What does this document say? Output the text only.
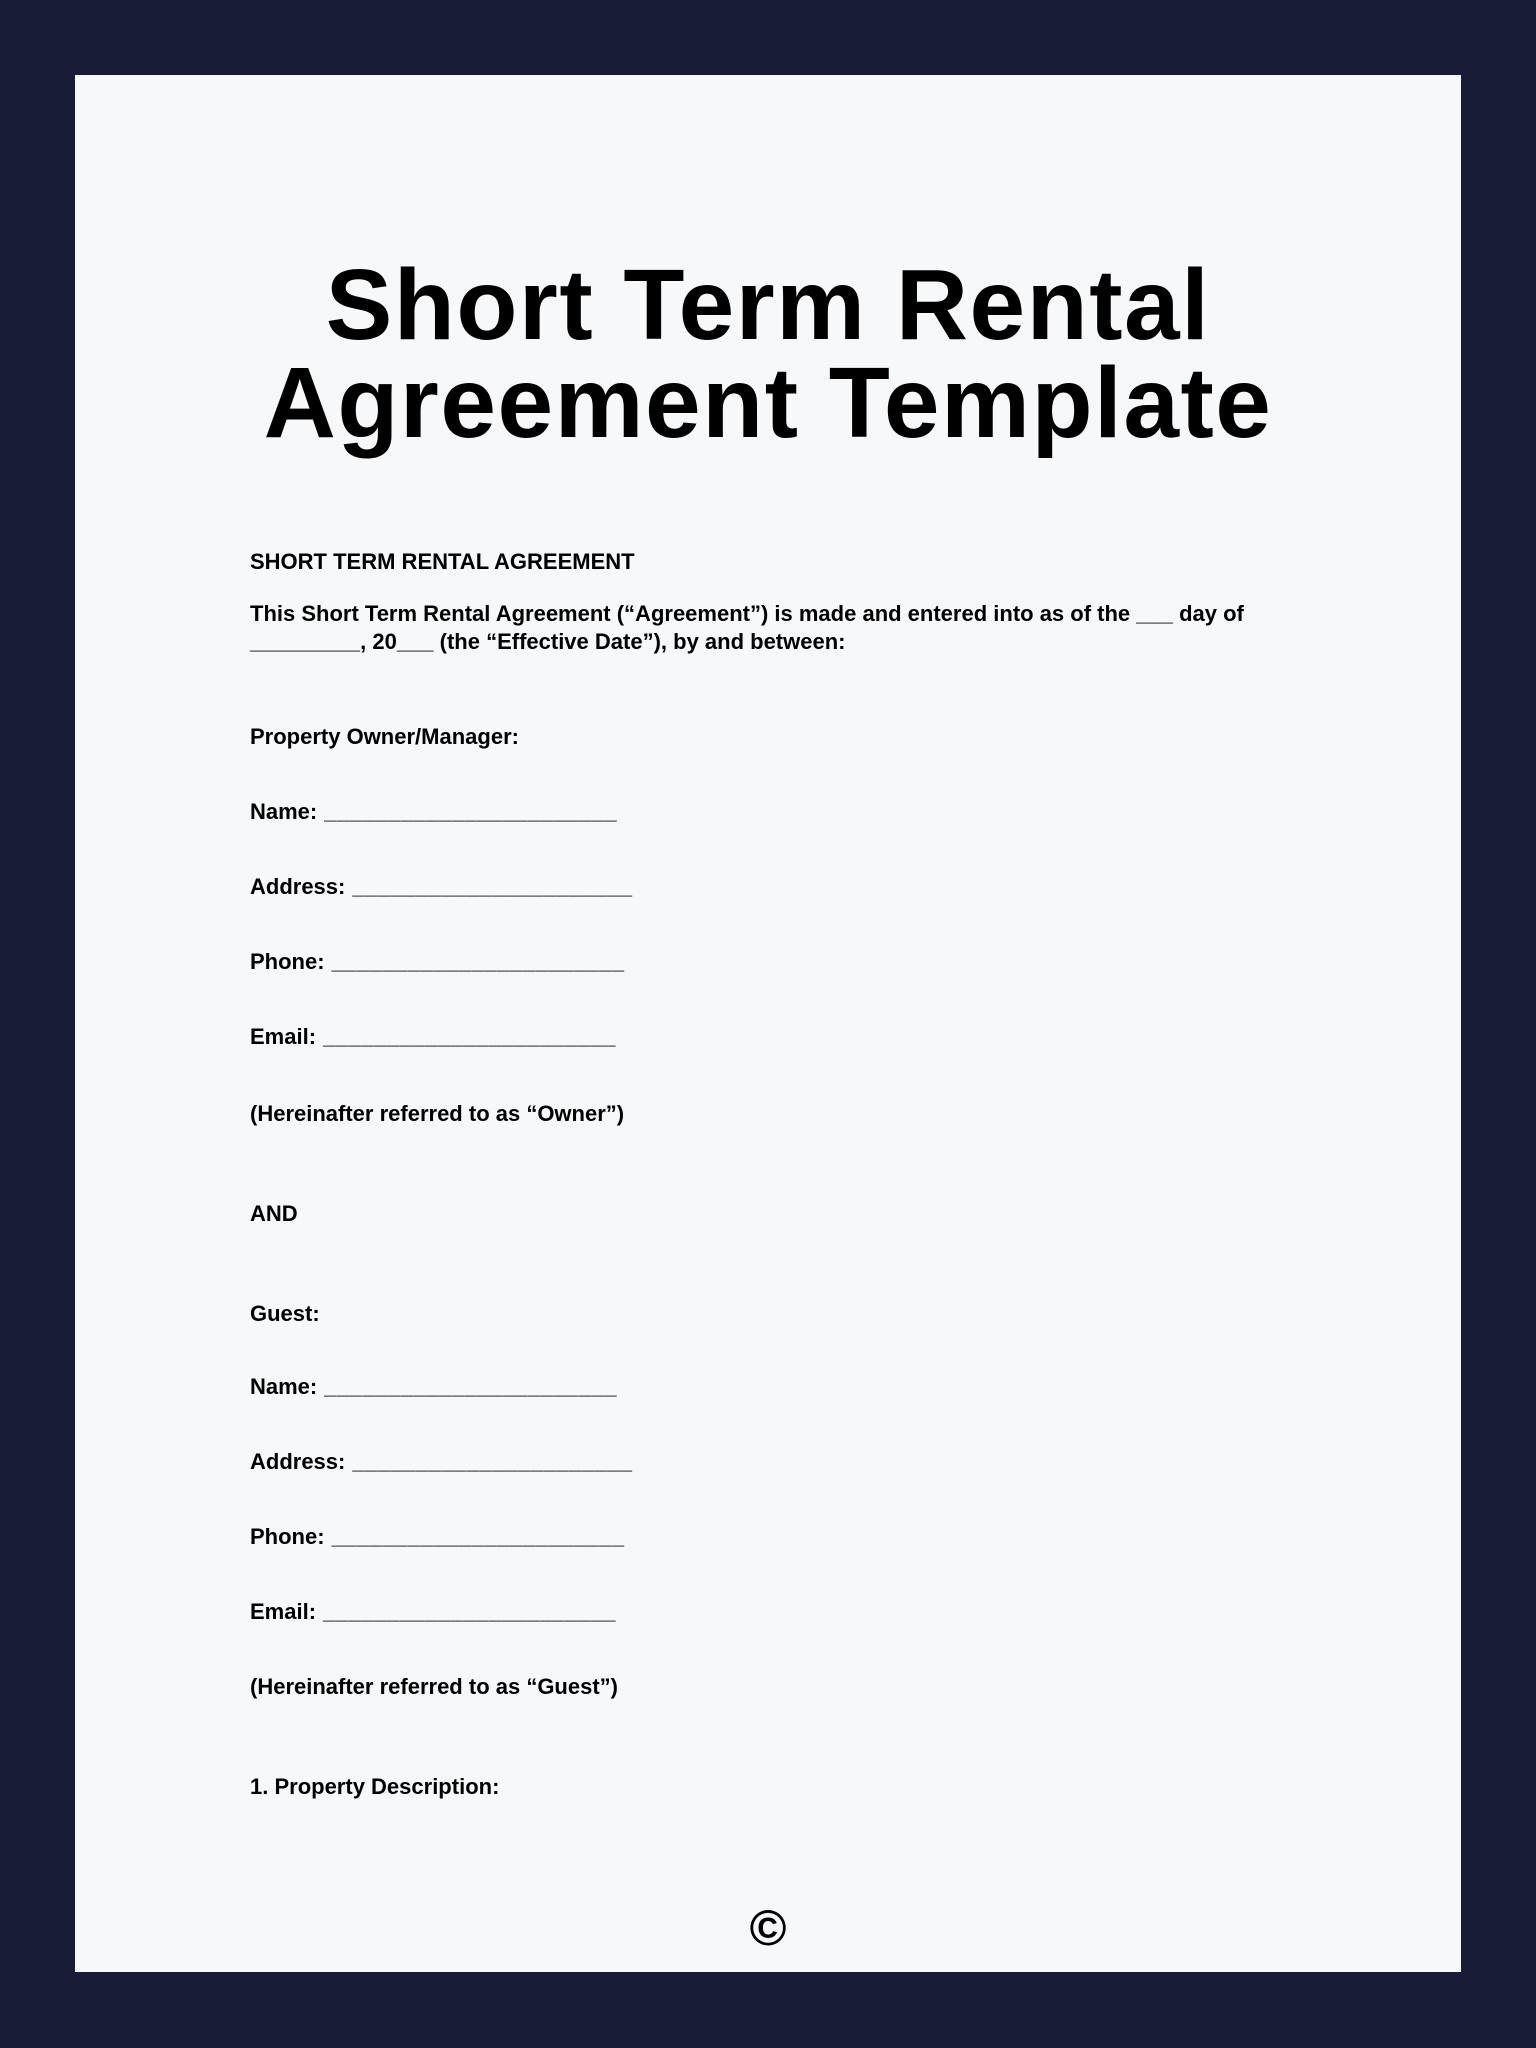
Short Term Rental
Agreement Template
SHORT TERM RENTAL AGREEMENT

This Short Term Rental Agreement (“Agreement”) is made and entered into as of the ___ day of
_________, 20___ (the “Effective Date”), by and between:

Property Owner/Manager:

Name: _______________________

Address: ______________________

Phone: _______________________

Email: _______________________

(Hereinafter referred to as “Owner”)

AND

Guest:

Name: _______________________

Address: ______________________

Phone: _______________________

Email: _______________________

(Hereinafter referred to as “Guest”)

1. Property Description:

©
